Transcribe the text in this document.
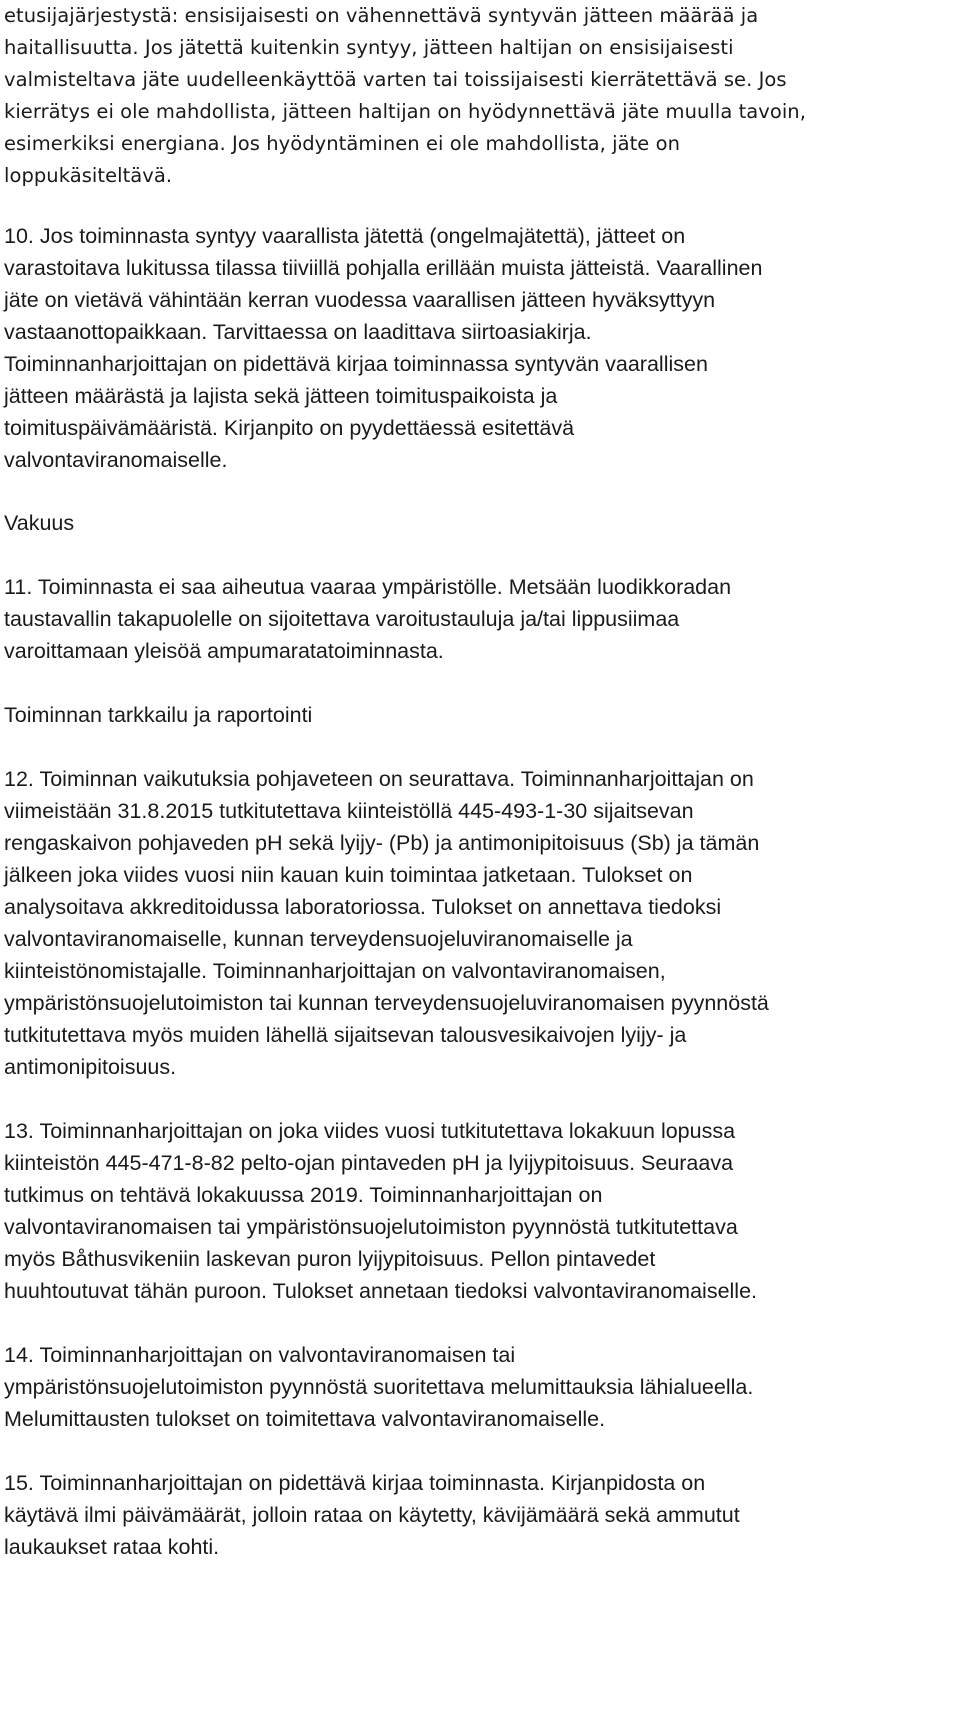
etusijajärjestystä: ensisijaisesti on vähennettävä syntyvän jätteen määrää ja
haitallisuutta. Jos jätettä kuitenkin syntyy, jätteen haltijan on ensisijaisesti
valmisteltava jäte uudelleenkäyttöä varten tai toissijaisesti kierrätettävä se. Jos
kierrätys ei ole mahdollista, jätteen haltijan on hyödynnettävä jäte muulla tavoin,
esimerkiksi energiana. Jos hyödyntäminen ei ole mahdollista, jäte on
loppukäsiteltävä.
10. Jos toiminnasta syntyy vaarallista jätettä (ongelmajätettä), jätteet on
varastoitava lukitussa tilassa tiiviillä pohjalla erillään muista jätteistä. Vaarallinen
jäte on vietävä vähintään kerran vuodessa vaarallisen jätteen hyväksyttyyn
vastaanottopaikkaan. Tarvittaessa on laadittava siirtoasiakirja.
Toiminnanharjoittajan on pidettävä kirjaa toiminnassa syntyvän vaarallisen
jätteen määrästä ja lajista sekä jätteen toimituspaikoista ja
toimituspäivämääristä. Kirjanpito on pyydettäessä esitettävä
valvontaviranomaiselle.
Vakuus
11. Toiminnasta ei saa aiheutua vaaraa ympäristölle. Metsään luodikkoradan
taustavallin takapuolelle on sijoitettava varoitustauluja ja/tai lippusiimaa
varoittamaan yleisöä ampumaratatoiminnasta.
Toiminnan tarkkailu ja raportointi
12. Toiminnan vaikutuksia pohjaveteen on seurattava. Toiminnanharjoittajan on
viimeistään 31.8.2015 tutkitutettava kiinteistöllä 445-493-1-30 sijaitsevan
rengaskaivon pohjaveden pH sekä lyijy- (Pb) ja antimonipitoisuus (Sb) ja tämän
jälkeen joka viides vuosi niin kauan kuin toimintaa jatketaan. Tulokset on
analysoitava akkreditoidussa laboratoriossa. Tulokset on annettava tiedoksi
valvontaviranomaiselle, kunnan terveydensuojeluviranomaiselle ja
kiinteistönomistajalle. Toiminnanharjoittajan on valvontaviranomaisen,
ympäristönsuojelutoimiston tai kunnan terveydensuojeluviranomaisen pyynnöstä
tutkitutettava myös muiden lähellä sijaitsevan talousvesikaivojen lyijy- ja
antimonipitoisuus.
13. Toiminnanharjoittajan on joka viides vuosi tutkitutettava lokakuun lopussa
kiinteistön 445-471-8-82 pelto-ojan pintaveden pH ja lyijypitoisuus. Seuraava
tutkimus on tehtävä lokakuussa 2019. Toiminnanharjoittajan on
valvontaviranomaisen tai ympäristönsuojelutoimiston pyynnöstä tutkitutettava
myös Båthusvikeniin laskevan puron lyijypitoisuus. Pellon pintavedet
huuhtoutuvat tähän puroon. Tulokset annetaan tiedoksi valvontaviranomaiselle.
14. Toiminnanharjoittajan on valvontaviranomaisen tai
ympäristönsuojelutoimiston pyynnöstä suoritettava melumittauksia lähialueella.
Melumittausten tulokset on toimitettava valvontaviranomaiselle.
15. Toiminnanharjoittajan on pidettävä kirjaa toiminnasta. Kirjanpidosta on
käytävä ilmi päivämäärät, jolloin rataa on käytetty, kävijämäärä sekä ammutut
laukaukset rataa kohti.
